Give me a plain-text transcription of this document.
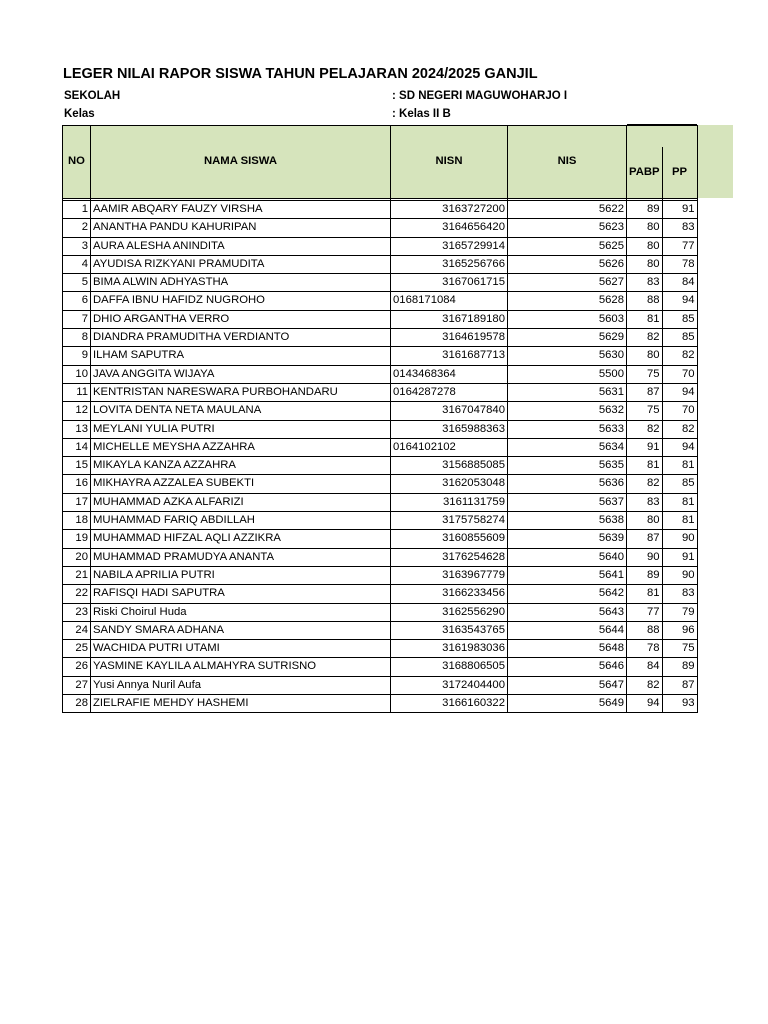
LEGER NILAI RAPOR SISWA TAHUN PELAJARAN 2024/2025 GANJIL
SEKOLAH	: SD NEGERI MAGUWOHARJO I
Kelas	: Kelas II B
NO	NAMA SISWA	NISN	NIS		
				PABP	PP

1	AAMIR ABQARY FAUZY VIRSHA	3163727200	5622	89	91
2	ANANTHA PANDU KAHURIPAN	3164656420	5623	80	83
3	AURA ALESHA ANINDITA	3165729914	5625	80	77
4	AYUDISA RIZKYANI PRAMUDITA	3165256766	5626	80	78
5	BIMA ALWIN ADHYASTHA	3167061715	5627	83	84
6	DAFFA IBNU HAFIDZ NUGROHO	0168171084	5628	88	94
7	DHIO ARGANTHA VERRO	3167189180	5603	81	85
8	DIANDRA PRAMUDITHA VERDIANTO	3164619578	5629	82	85
9	ILHAM SAPUTRA	3161687713	5630	80	82
10	JAVA ANGGITA WIJAYA	0143468364	5500	75	70
11	KENTRISTAN NARESWARA PURBOHANDARU	0164287278	5631	87	94
12	LOVITA DENTA NETA MAULANA	3167047840	5632	75	70
13	MEYLANI YULIA PUTRI	3165988363	5633	82	82
14	MICHELLE MEYSHA AZZAHRA	0164102102	5634	91	94
15	MIKAYLA KANZA AZZAHRA	3156885085	5635	81	81
16	MIKHAYRA AZZALEA SUBEKTI	3162053048	5636	82	85
17	MUHAMMAD AZKA ALFARIZI	3161131759	5637	83	81
18	MUHAMMAD FARIQ ABDILLAH	3175758274	5638	80	81
19	MUHAMMAD HIFZAL AQLI AZZIKRA	3160855609	5639	87	90
20	MUHAMMAD PRAMUDYA ANANTA	3176254628	5640	90	91
21	NABILA APRILIA PUTRI	3163967779	5641	89	90
22	RAFISQI HADI SAPUTRA	3166233456	5642	81	83
23	Riski Choirul Huda	3162556290	5643	77	79
24	SANDY SMARA ADHANA	3163543765	5644	88	96
25	WACHIDA PUTRI UTAMI	3161983036	5648	78	75
26	YASMINE KAYLILA ALMAHYRA SUTRISNO	3168806505	5646	84	89
27	Yusi Annya Nuril Aufa	3172404400	5647	82	87
28	ZIELRAFIE MEHDY HASHEMI	3166160322	5649	94	93
